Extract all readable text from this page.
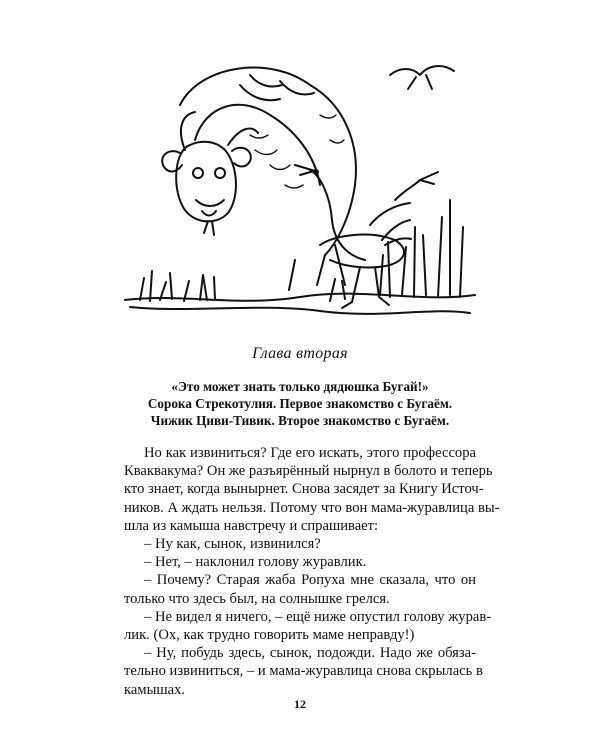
Глава вторая
«Это может знать только дядюшка Бугай!»
Сорока Стрекотулия. Первое знакомство с Бугаём.
Чижик Циви-Тивик. Второе знакомство с Бугаём.
Но как извиниться? Где его искать, этого профессора
Кваквакума? Он же разъярённый нырнул в болото и теперь
кто знает, когда вынырнет. Снова засядет за Книгу Источ-
ников. А ждать нельзя. Потому что вон мама-журавлица вы-
шла из камыша навстречу и спрашивает:
– Ну как, сынок, извинился?
– Нет, – наклонил голову журавлик.
– Почему? Старая жаба Ропуха мне сказала, что он
только что здесь был, на солнышке грелся.
– Не видел я ничего, – ещё ниже опустил голову журав-
лик. (Ох, как трудно говорить маме неправду!)
– Ну, побудь здесь, сынок, подожди. Надо же обяза-
тельно извиниться, – и мама-журавлица снова скрылась в
камышах.
12
